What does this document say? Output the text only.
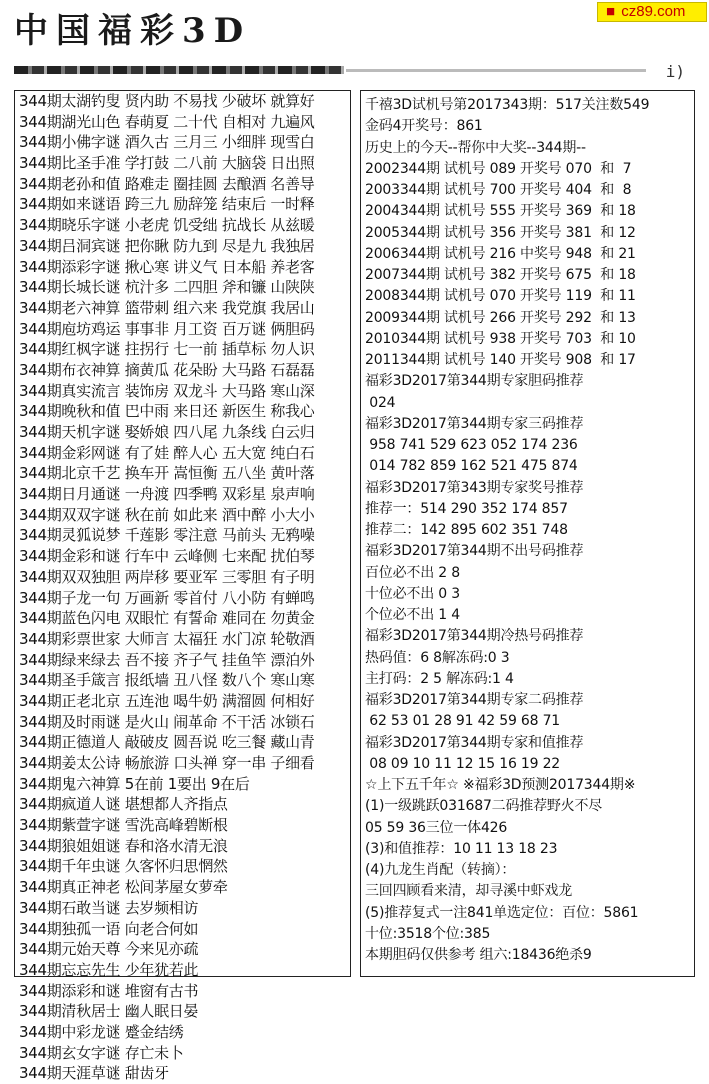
■ cz89.com
中国福彩3D
i)
344期太湖钓叟 贤内助 不易找 少破坏 就算好
344期湖光山色 春萌夏 二十代 自相对 九遍风
344期小佛字谜 酒久古 三月三 小细胖 现雪白
344期比圣手准 学打鼓 二八前 大脑袋 日出照
344期老孙和值 路难走 圈挂圆 去酿酒 名善导
344期如来谜语 跨三九 励辞笼 结束后 一时释
344期晓乐字谜 小老虎 饥受绌 抗战长 从兹暖
344期吕洞宾谜 把你瞅 防九到 尽是九 我独居
344期添彩字谜 揪心寒 讲义气 日本船 养老客
344期长城长谜 杭汁多 二四胆 斧和镰 山陕陕
344期老六神算 篮带刺 组六来 我党旗 我居山
344期庖坊鸡运 事事非 月工资 百万谜 俩胆码
344期红枫字谜 拄拐行 七一前 插草标 勿人识
344期布衣神算 摘黄瓜 花朵盼 大马路 石磊磊
344期真实流言 装饰房 双龙斗 大马路 寒山深
344期晚秋和值 巴中雨 来日还 新医生 称我心
344期天机字谜 娶娇娘 四八尾 九条线 白云归
344期金彩网谜 有了娃 醉人心 五大宽 纯白石
344期北京千艺 换车开 嵩恒衡 五八坐 黄叶落
344期日月通谜 一舟渡 四季鸭 双彩星 泉声响
344期双双字谜 秋在前 如此来 酒中醉 小大小
344期灵狐说梦 千莲影 零注意 马前头 无鸦噪
344期金彩和谜 行车中 云峰侧 七来配 扰伯琴
344期双双独胆 两岸移 要亚军 三零胆 有子明
344期子龙一句 万画新 零首付 八小防 有蝉鸣
344期蓝色闪电 双眼忙 有誓命 难同在 勿黄金
344期彩票世家 大师言 太福狂 水门凉 轮敬酒
344期绿来绿去 吾不接 齐子气 挂鱼竿 漂泊外
344期圣手箴言 报纸墙 丑八怪 数八个 寒山寒
344期正老北京 五连池 喝牛奶 满溜圆 何相好
344期及时雨谜 是火山 闹革命 不干活 冰锁石
344期正德道人 敲破皮 圆吾说 吃三餐 藏山青
344期姜太公诗 畅旅游 口头禅 穿一串 子细看
344期鬼六神算 5在前 1要出 9在后
344期疯道人谜 堪想都人齐指点
344期紫萱字谜 雪洗高峰碧断根
344期狼姐姐谜 春和洛水清无浪
344期千年虫谜 久客怀归思惘然
344期真正神老 松间茅屋女萝牵
344期石敢当谜 去岁频相访
344期独孤一语 向老合何如
344期元始天尊 今来见亦疏
344期忘忘先生 少年犹若此
344期添彩和谜 堆窗有古书
344期清秋居士 幽人眠日晏
344期中彩龙谜 蹙金结绣
344期玄女字谜 存亡未卜
344期天涯草谜 甜齿牙
千禧3D试机号第2017343期：517关注数549
金码4开奖号：861
历史上的今天--帮你中大奖--344期--
2002344期 试机号 089 开奖号 070  和  7
2003344期 试机号 700 开奖号 404  和  8
2004344期 试机号 555 开奖号 369  和 18
2005344期 试机号 356 开奖号 381  和 12
2006344期 试机号 216 中奖号 948  和 21
2007344期 试机号 382 开奖号 675  和 18
2008344期 试机号 070 开奖号 119  和 11
2009344期 试机号 266 开奖号 292  和 13
2010344期 试机号 938 开奖号 703  和 10
2011344期 试机号 140 开奖号 908  和 17
福彩3D2017第344期专家胆码推荐
024
福彩3D2017第344期专家三码推荐
958 741 529 623 052 174 236
014 782 859 162 521 475 874
福彩3D2017第343期专家奖号推荐
推荐一：514 290 352 174 857
推荐二：142 895 602 351 748
福彩3D2017第344期不出号码推荐
百位必不出 2 8
十位必不出 0 3
个位必不出 1 4
福彩3D2017第344期冷热号码推荐
热码值：6 8解冻码:0 3
主打码：2 5 解冻码:1 4
福彩3D2017第344期专家二码推荐
62 53 01 28 91 42 59 68 71
福彩3D2017第344期专家和值推荐
08 09 10 11 12 15 16 19 22
☆上下五千年☆ ※福彩3D预测2017344期※
(1)一级跳跃031687二码推荐野火不尽
05 59 36三位一体426
(3)和值推荐：10 11 13 18 23
(4)九龙生肖配（转摘）：
三回四顾看来清，却寻溪中虾戏龙
(5)推荐复式一注841单选定位：百位：5861
十位:3518个位:385
本期胆码仅供参考 组六:18436绝杀9
